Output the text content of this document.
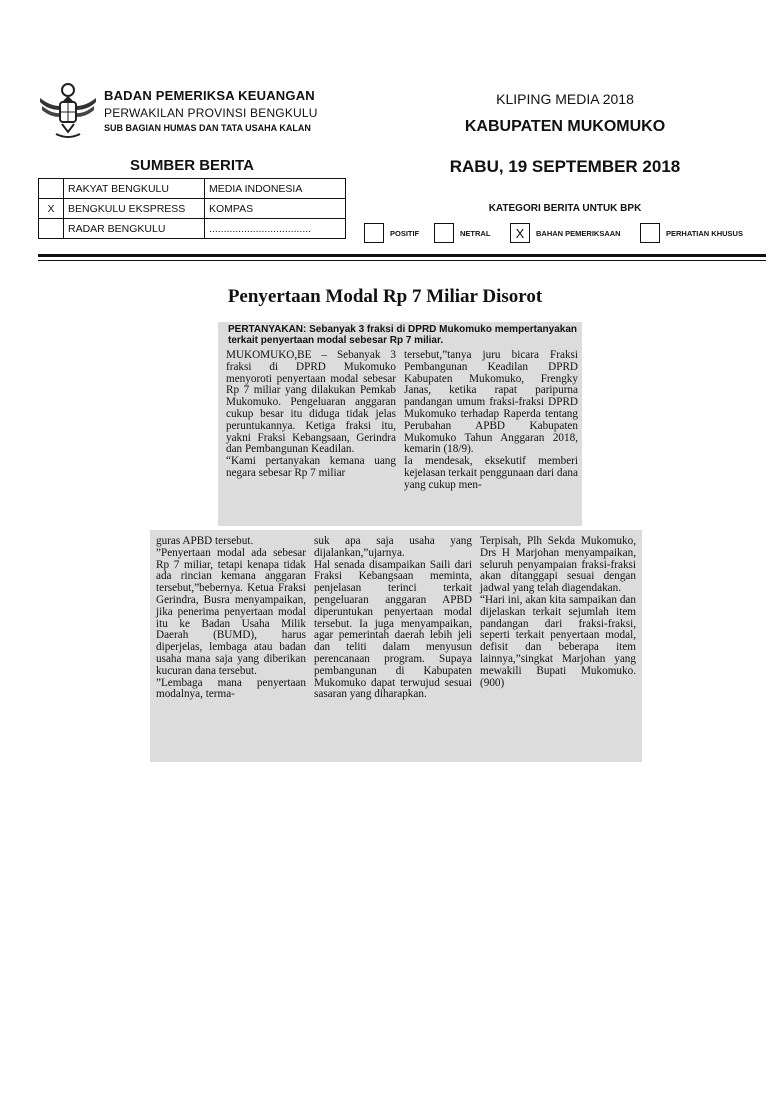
BADAN PEMERIKSA KEUANGAN
PERWAKILAN PROVINSI BENGKULU
SUB BAGIAN HUMAS DAN TATA USAHA KALAN
KLIPING MEDIA 2018
KABUPATEN MUKOMUKO
RABU, 19 SEPTEMBER 2018
SUMBER BERITA
	RAKYAT BENGKULU	MEDIA INDONESIA
X	BENGKULU EKSPRESS	KOMPAS
	RADAR BENGKULU	...................................
KATEGORI BERITA UNTUK BPK
POSITIF	NETRAL	X	BAHAN PEMERIKSAAN	PERHATIAN KHUSUS
Penyertaan Modal Rp 7 Miliar Disorot
PERTANYAKAN: Sebanyak 3 fraksi di DPRD Mukomuko mempertanyakan terkait penyertaan modal sebesar Rp 7 miliar.

MUKOMUKO,BE – Sebanyak 3 fraksi di DPRD Mukomuko menyoroti penyertaan modal sebesar Rp 7 miliar yang dilakukan Pemkab Mukomuko. Pengeluaran anggaran cukup besar itu diduga tidak jelas peruntukannya. Ketiga fraksi itu, yakni Fraksi Kebangsaan, Gerindra dan Pembangunan Keadilan.
“Kami pertanyakan kemana uang negara sebesar Rp 7 miliar

tersebut,”tanya juru bicara Fraksi Pembangunan Keadilan DPRD Kabupaten Mukomuko, Frengky Janas, ketika rapat paripurna pandangan umum fraksi-fraksi DPRD Mukomuko terhadap Raperda tentang Perubahan APBD Kabupaten Mukomuko Tahun Anggaran 2018, kemarin (18/9).
Ia mendesak, eksekutif memberi kejelasan terkait penggunaan dari dana yang cukup men-

guras APBD tersebut.
”Penyertaan modal ada sebesar Rp 7 miliar, tetapi kenapa tidak ada rincian kemana anggaran tersebut,”bebernya. Ketua Fraksi Gerindra, Busra menyampaikan, jika penerima penyertaan modal itu ke Badan Usaha Milik Daerah (BUMD), harus diperjelas, lembaga atau badan usaha mana saja yang diberikan kucuran dana tersebut.
”Lembaga mana penyertaan modalnya, terma-

suk apa saja usaha yang dijalankan,”ujarnya.
Hal senada disampaikan Saili dari Fraksi Kebangsaan meminta, penjelasan terinci terkait pengeluaran anggaran APBD diperuntukan penyertaan modal tersebut. Ia juga menyampaikan, agar pemerintah daerah lebih jeli dan teliti dalam menyusun perencanaan program. Supaya pembangunan di Kabupaten Mukomuko dapat terwujud sesuai sasaran yang diharapkan.

Terpisah, Plh Sekda Mukomuko, Drs H Marjohan menyampaikan, seluruh penyampaian fraksi-fraksi akan ditanggapi sesuai dengan jadwal yang telah diagendakan.
“Hari ini, akan kita sampaikan dan dijelaskan terkait sejumlah item pandangan dari fraksi-fraksi, seperti terkait penyertaan modal, defisit dan beberapa item lainnya,”singkat Marjohan yang mewakili Bupati Mukomuko.(900)
